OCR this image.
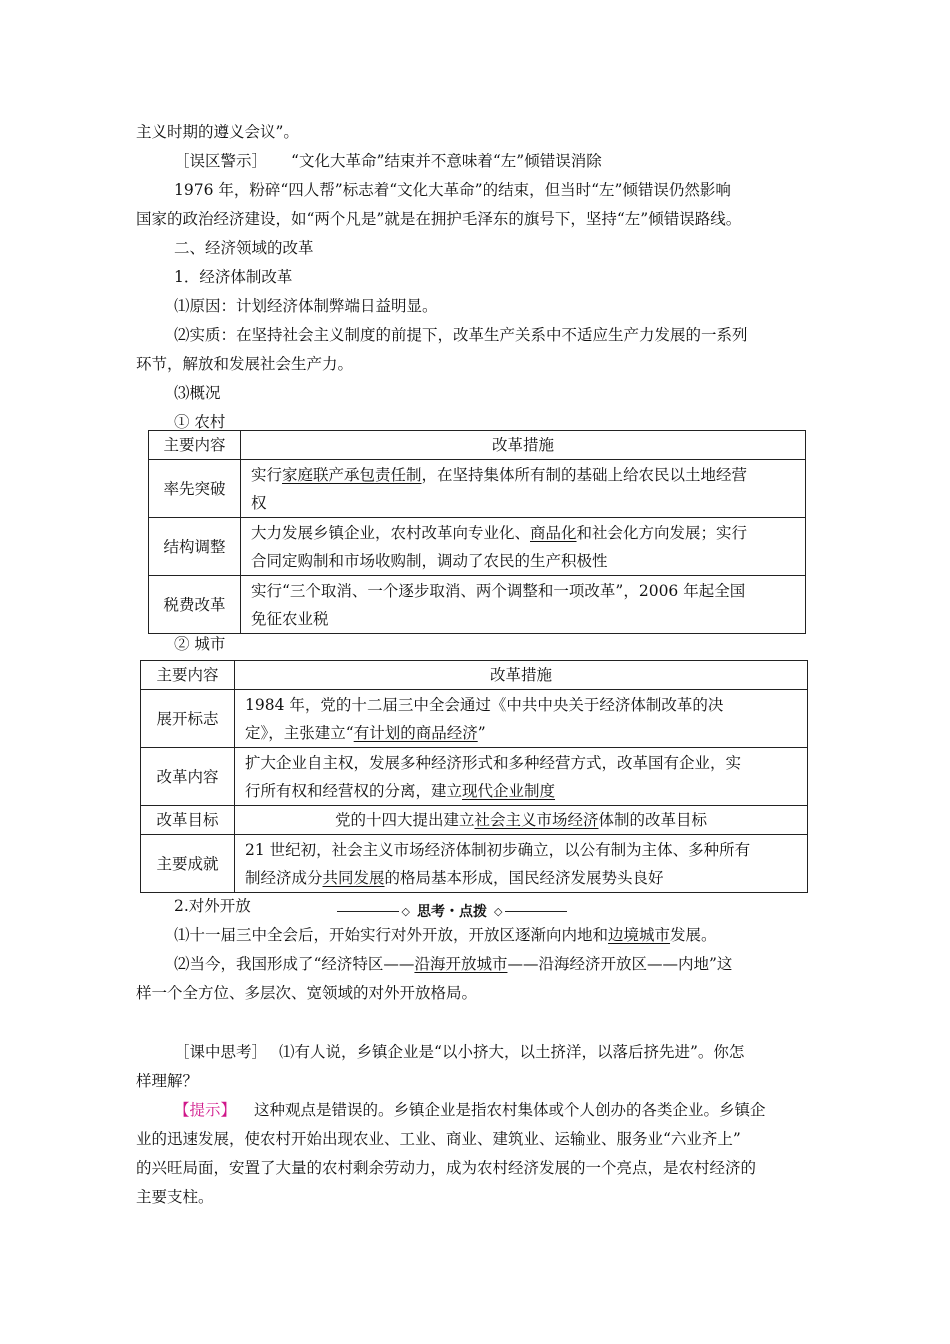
主义时期的遵义会议”。
［误区警示］ “文化大革命”结束并不意味着“左”倾错误消除
1976 年，粉碎“四人帮”标志着“文化大革命”的结束，但当时“左”倾错误仍然影响
国家的政治经济建设，如“两个凡是”就是在拥护毛泽东的旗号下，坚持“左”倾错误路线。
二、经济领域的改革
1．经济体制改革
⑴原因：计划经济体制弊端日益明显。
⑵实质：在坚持社会主义制度的前提下，改革生产关系中不适应生产力发展的一系列
环节，解放和发展社会生产力。
⑶概况
① 农村
主要内容	改革措施
率先突破	实行家庭联产承包责任制，在坚持集体所有制的基础上给农民以土地经营
权
结构调整	大力发展乡镇企业，农村改革向专业化、商品化和社会化方向发展；实行
合同定购制和市场收购制，调动了农民的生产积极性
税费改革	实行“三个取消、一个逐步取消、两个调整和一项改革”，2006 年起全国
免征农业税
② 城市
主要内容	改革措施
展开标志	1984 年，党的十二届三中全会通过《中共中央关于经济体制改革的决
定》，主张建立“有计划的商品经济”
改革内容	扩大企业自主权，发展多种经济形式和多种经营方式，改革国有企业，实
行所有权和经营权的分离，建立现代企业制度
改革目标	党的十四大提出建立社会主义市场经济体制的改革目标
主要成就	21 世纪初，社会主义市场经济体制初步确立，以公有制为主体、多种所有
制经济成分共同发展的格局基本形成，国民经济发展势头良好
2.对外开放
⑴十一届三中全会后，开始实行对外开放，开放区逐渐向内地和边境城市发展。
⑵当今，我国形成了“经济特区——沿海开放城市——沿海经济开放区——内地”这
样一个全方位、多层次、宽领域的对外开放格局。
◇ 思考・点拨 ◇
［课中思考］ ⑴有人说，乡镇企业是“以小挤大，以土挤洋，以落后挤先进”。你怎
样理解？
【提示】 这种观点是错误的。乡镇企业是指农村集体或个人创办的各类企业。乡镇企
业的迅速发展，使农村开始出现农业、工业、商业、建筑业、运输业、服务业“六业齐上”
的兴旺局面，安置了大量的农村剩余劳动力，成为农村经济发展的一个亮点，是农村经济的
主要支柱。
